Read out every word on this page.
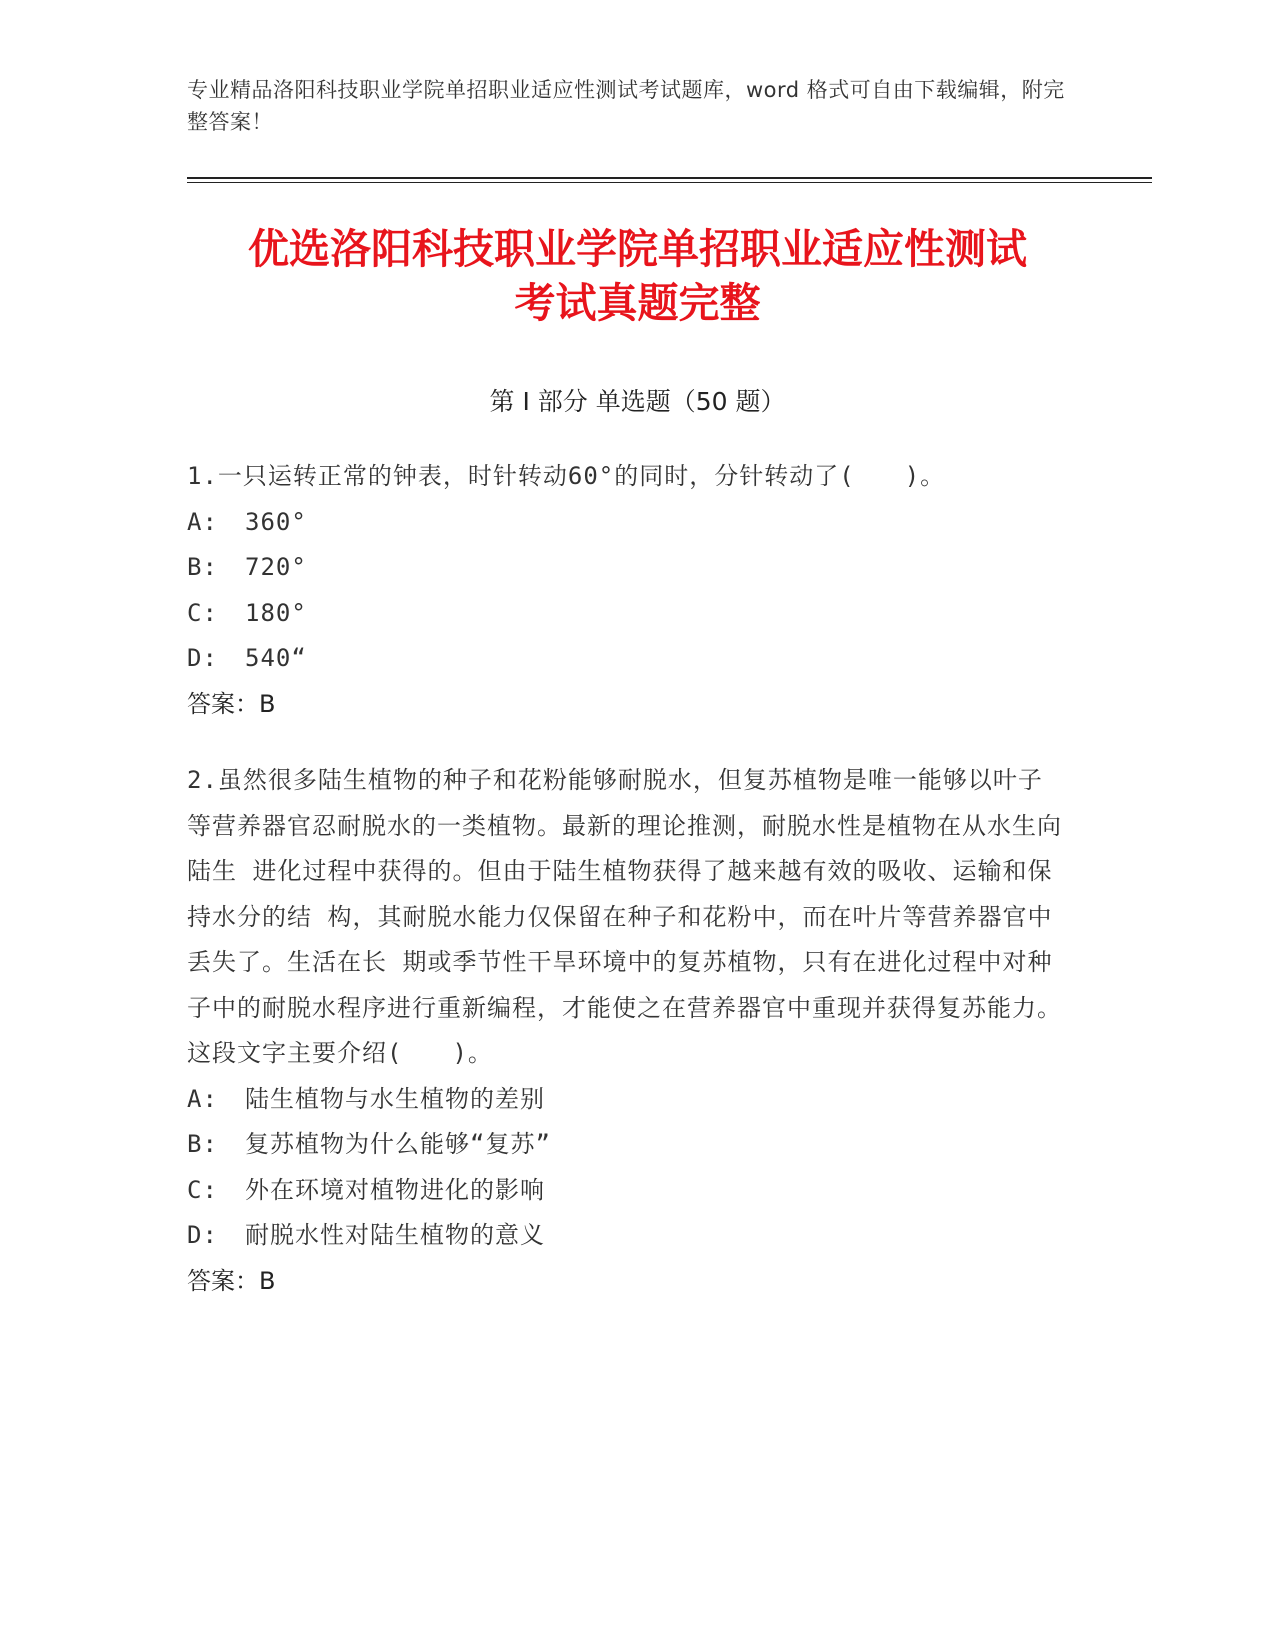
专业精品洛阳科技职业学院单招职业适应性测试考试题库，word 格式可自由下载编辑，附完整答案！
优选洛阳科技职业学院单招职业适应性测试
考试真题完整
第 I 部分 单选题（50 题）
1.一只运转正常的钟表，时针转动60°的同时，分针转动了(　　)。
A:	360°
B:	720°
C:	180°
D:	540“
答案：B
2.虽然很多陆生植物的种子和花粉能够耐脱水，但复苏植物是唯一能够以叶子 等营养器官忍耐脱水的一类植物。最新的理论推测，耐脱水性是植物在从水生向陆生 进化过程中获得的。但由于陆生植物获得了越来越有效的吸收、运输和保持水分的结 构，其耐脱水能力仅保留在种子和花粉中，而在叶片等营养器官中丢失了。生活在长 期或季节性干旱环境中的复苏植物，只有在进化过程中对种子中的耐脱水程序进行重新编程，才能使之在营养器官中重现并获得复苏能力。这段文字主要介绍(　　)。
A:	陆生植物与水生植物的差别
B:	复苏植物为什么能够“复苏”
C:	外在环境对植物进化的影响
D:	耐脱水性对陆生植物的意义
答案：B
